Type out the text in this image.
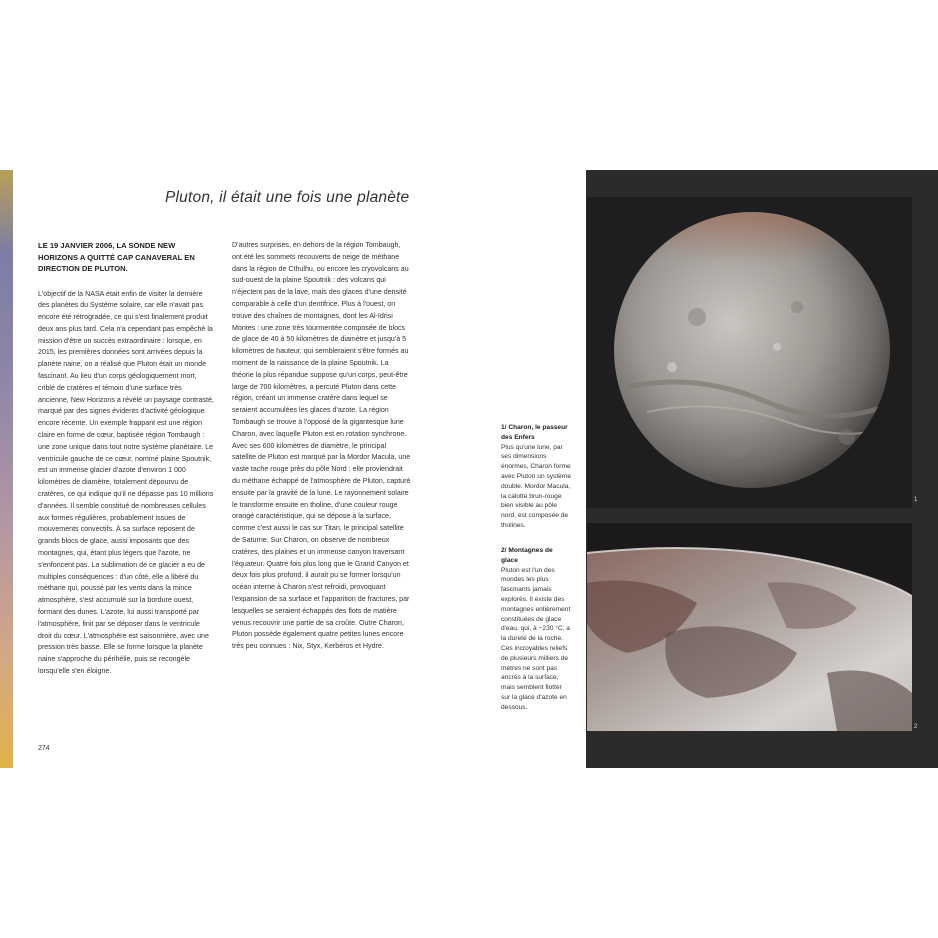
Pluton, il était une fois une planète

LE 19 JANVIER 2006, LA SONDE NEW HORIZONS A QUITTÉ CAP CANAVERAL EN DIRECTION DE PLUTON.

L'objectif de la NASA était enfin de visiter la dernière des planètes du Système solaire, car elle n'avait pas encore été rétrogradée, ce qui s'est finalement produit deux ans plus tard. Cela n'a cependant pas empêché la mission d'être un succès extraordinaire : lorsque, en 2015, les premières données sont arrivées depuis la planète naine, on a réalisé que Pluton était un monde fascinant. Au lieu d'un corps géologiquement mort, criblé de cratères et témoin d'une surface très ancienne, New Horizons a révélé un paysage contrasté, marqué par des signes évidents d'activité géologique encore récente. Un exemple frappant est une région claire en forme de cœur, baptisée région Tombaugh : une zone unique dans tout notre système planétaire. Le ventricule gauche de ce cœur, nommé plaine Spoutnik, est un immense glacier d'azote d'environ 1 000 kilomètres de diamètre, totalement dépourvu de cratères, ce qui indique qu'il ne dépasse pas 10 millions d'années. Il semble constitué de nombreuses cellules aux formes régulières, probablement issues de mouvements convectifs. À sa surface reposent de grands blocs de glace, aussi imposants que des montagnes, qui, étant plus légers que l'azote, ne s'enfoncent pas. La sublimation de ce glacier a eu de multiples conséquences : d'un côté, elle a libéré du méthane qui, poussé par les vents dans la mince atmosphère, s'est accumulé sur la bordure ouest, formant des dunes. L'azote, lui aussi transporté par l'atmosphère, finit par se déposer dans le ventricule droit du cœur. L'atmosphère est saisonnière, avec une pression très basse. Elle se forme lorsque la planète naine s'approche du périhélie, puis se recongèle lorsqu'elle s'en éloigne.

D'autres surprises, en dehors de la région Tombaugh, ont été les sommets recouverts de neige de méthane dans la région de Cthulhu, ou encore les cryovolcans au sud-ouest de la plaine Spoutnik : des volcans qui n'éjectent pas de la lave, mais des glaces d'une densité comparable à celle d'un dentifrice. Plus à l'ouest, on trouve des chaînes de montagnes, dont les Al-Idrisi Montes : une zone très tourmentée composée de blocs de glace de 40 à 50 kilomètres de diamètre et jusqu'à 5 kilomètres de hauteur, qui sembleraient s'être formés au moment de la naissance de la plaine Spoutnik. La théorie la plus répandue suppose qu'un corps, peut-être large de 700 kilomètres, a percuté Pluton dans cette région, créant un immense cratère dans lequel se seraient accumulées les glaces d'azote. La région Tombaugh se trouve à l'opposé de la gigantesque lune Charon, avec laquelle Pluton est en rotation synchrone. Avec ses 600 kilomètres de diamètre, le principal satellite de Pluton est marqué par la Mordor Macula, une vaste tache rouge près du pôle Nord : elle proviendrait du méthane échappé de l'atmosphère de Pluton, capturé ensuite par la gravité de la lune. Le rayonnement solaire le transforme ensuite en tholine, d'une couleur rouge orangé caractéristique, qui se dépose à la surface, comme c'est aussi le cas sur Titan, le principal satellite de Saturne. Sur Charon, on observe de nombreux cratères, des plaines et un immense canyon traversant l'équateur. Quatre fois plus long que le Grand Canyon et deux fois plus profond, il aurait pu se former lorsqu'un océan interne à Charon s'est refroidi, provoquant l'expansion de sa surface et l'apparition de fractures, par lesquelles se seraient échappés des flots de matière venus recouvrir une partie de sa croûte. Outre Charon, Pluton possède également quatre petites lunes encore très peu connues : Nix, Styx, Kerbéros et Hydre.

274
1/ Charon, le passeur des Enfers
Plus qu'une lune, par ses dimensions énormes, Charon forme avec Pluton un système double. Mordor Macula, la calotte brun-rouge bien visible au pôle nord, est composée de tholines.
2/ Montagnes de glace
Pluton est l'un des mondes les plus fascinants jamais explorés. Il existe des montagnes entièrement constituées de glace d'eau, qui, à −230 °C, a la dureté de la roche. Ces incroyables reliefs de plusieurs milliers de mètres ne sont pas ancrés à la surface, mais semblent flotter sur la glace d'azote en dessous.
1
2
